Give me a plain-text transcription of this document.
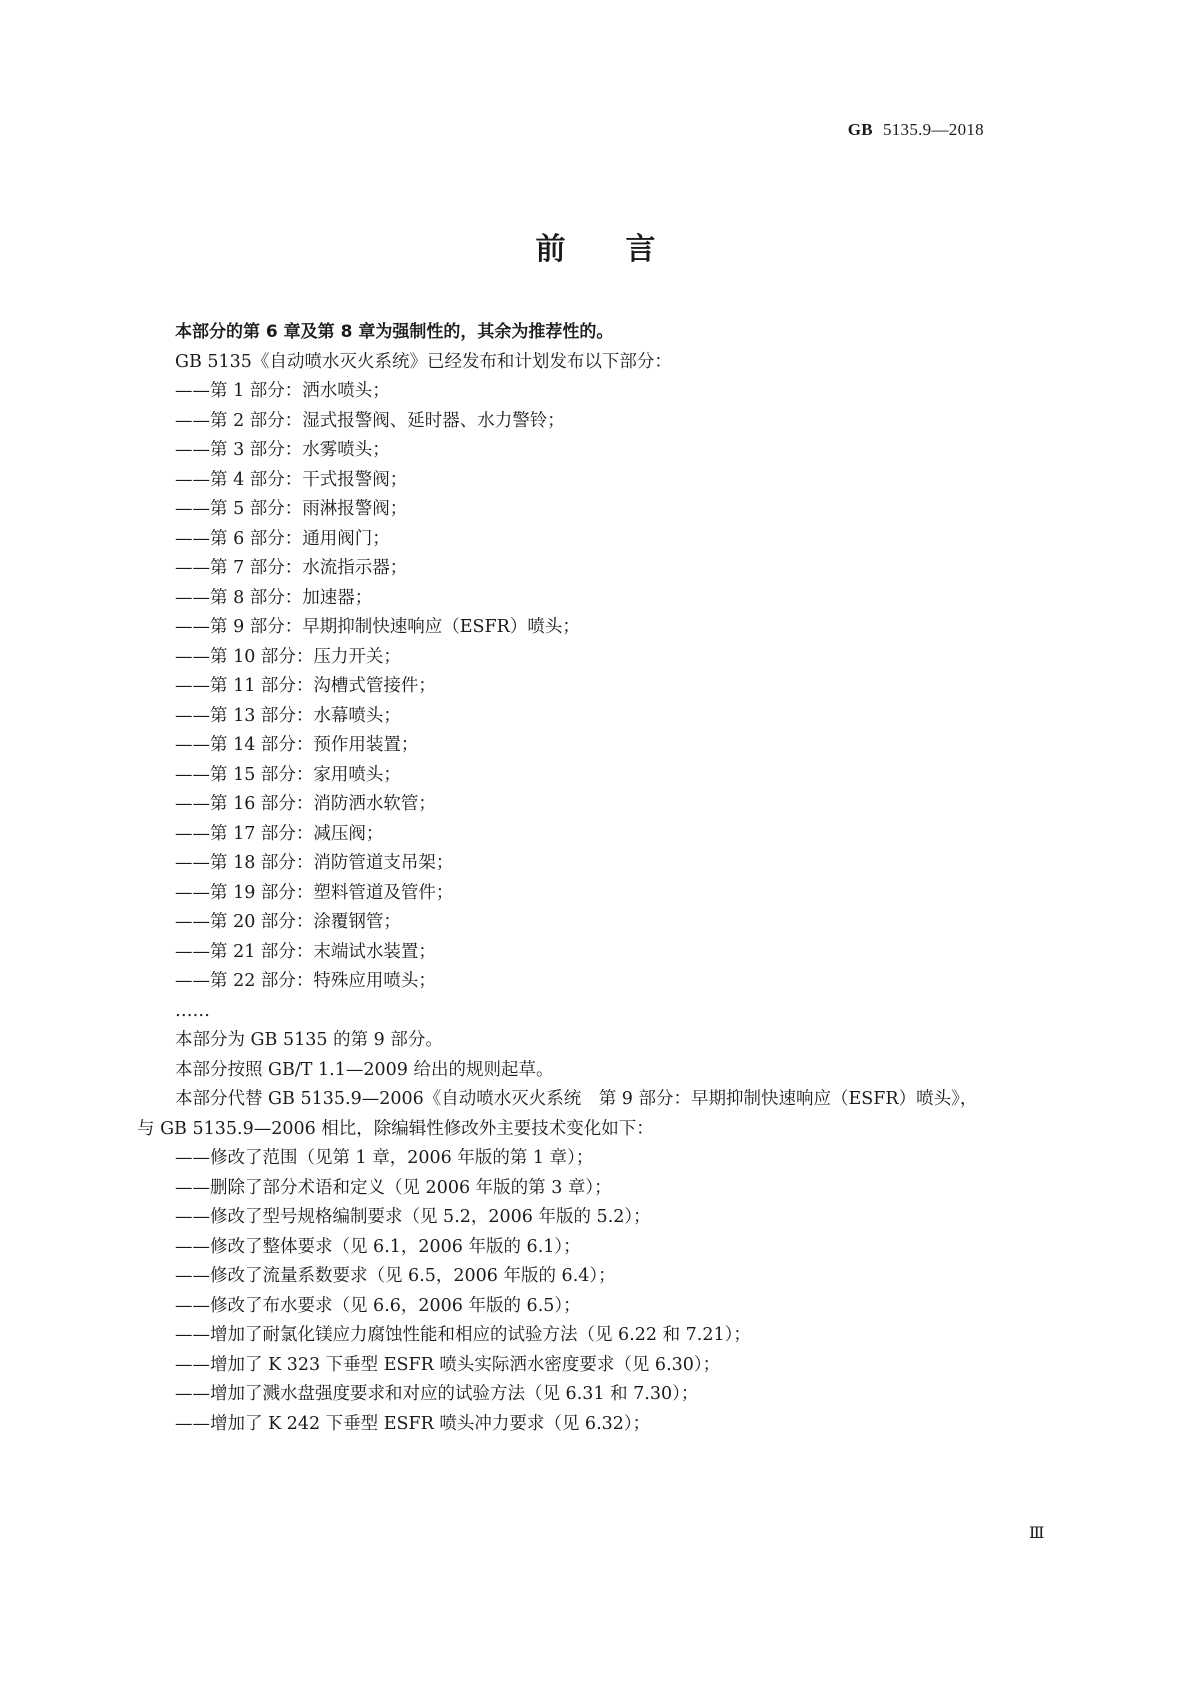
GB 5135.9—2018
前言
本部分的第 6 章及第 8 章为强制性的，其余为推荐性的。
GB 5135《自动喷水灭火系统》已经发布和计划发布以下部分：
——第 1 部分：洒水喷头；
——第 2 部分：湿式报警阀、延时器、水力警铃；
——第 3 部分：水雾喷头；
——第 4 部分：干式报警阀；
——第 5 部分：雨淋报警阀；
——第 6 部分：通用阀门；
——第 7 部分：水流指示器；
——第 8 部分：加速器；
——第 9 部分：早期抑制快速响应（ESFR）喷头；
——第 10 部分：压力开关；
——第 11 部分：沟槽式管接件；
——第 13 部分：水幕喷头；
——第 14 部分：预作用装置；
——第 15 部分：家用喷头；
——第 16 部分：消防洒水软管；
——第 17 部分：减压阀；
——第 18 部分：消防管道支吊架；
——第 19 部分：塑料管道及管件；
——第 20 部分：涂覆钢管；
——第 21 部分：末端试水装置；
——第 22 部分：特殊应用喷头；
……
本部分为 GB 5135 的第 9 部分。
本部分按照 GB/T 1.1—2009 给出的规则起草。
本部分代替 GB 5135.9—2006《自动喷水灭火系统　第 9 部分：早期抑制快速响应（ESFR）喷头》，
与 GB 5135.9—2006 相比，除编辑性修改外主要技术变化如下：
——修改了范围（见第 1 章，2006 年版的第 1 章）；
——删除了部分术语和定义（见 2006 年版的第 3 章）；
——修改了型号规格编制要求（见 5.2，2006 年版的 5.2）；
——修改了整体要求（见 6.1，2006 年版的 6.1）；
——修改了流量系数要求（见 6.5，2006 年版的 6.4）；
——修改了布水要求（见 6.6，2006 年版的 6.5）；
——增加了耐氯化镁应力腐蚀性能和相应的试验方法（见 6.22 和 7.21）；
——增加了 K 323 下垂型 ESFR 喷头实际洒水密度要求（见 6.30）；
——增加了溅水盘强度要求和对应的试验方法（见 6.31 和 7.30）；
——增加了 K 242 下垂型 ESFR 喷头冲力要求（见 6.32）；
Ⅲ
